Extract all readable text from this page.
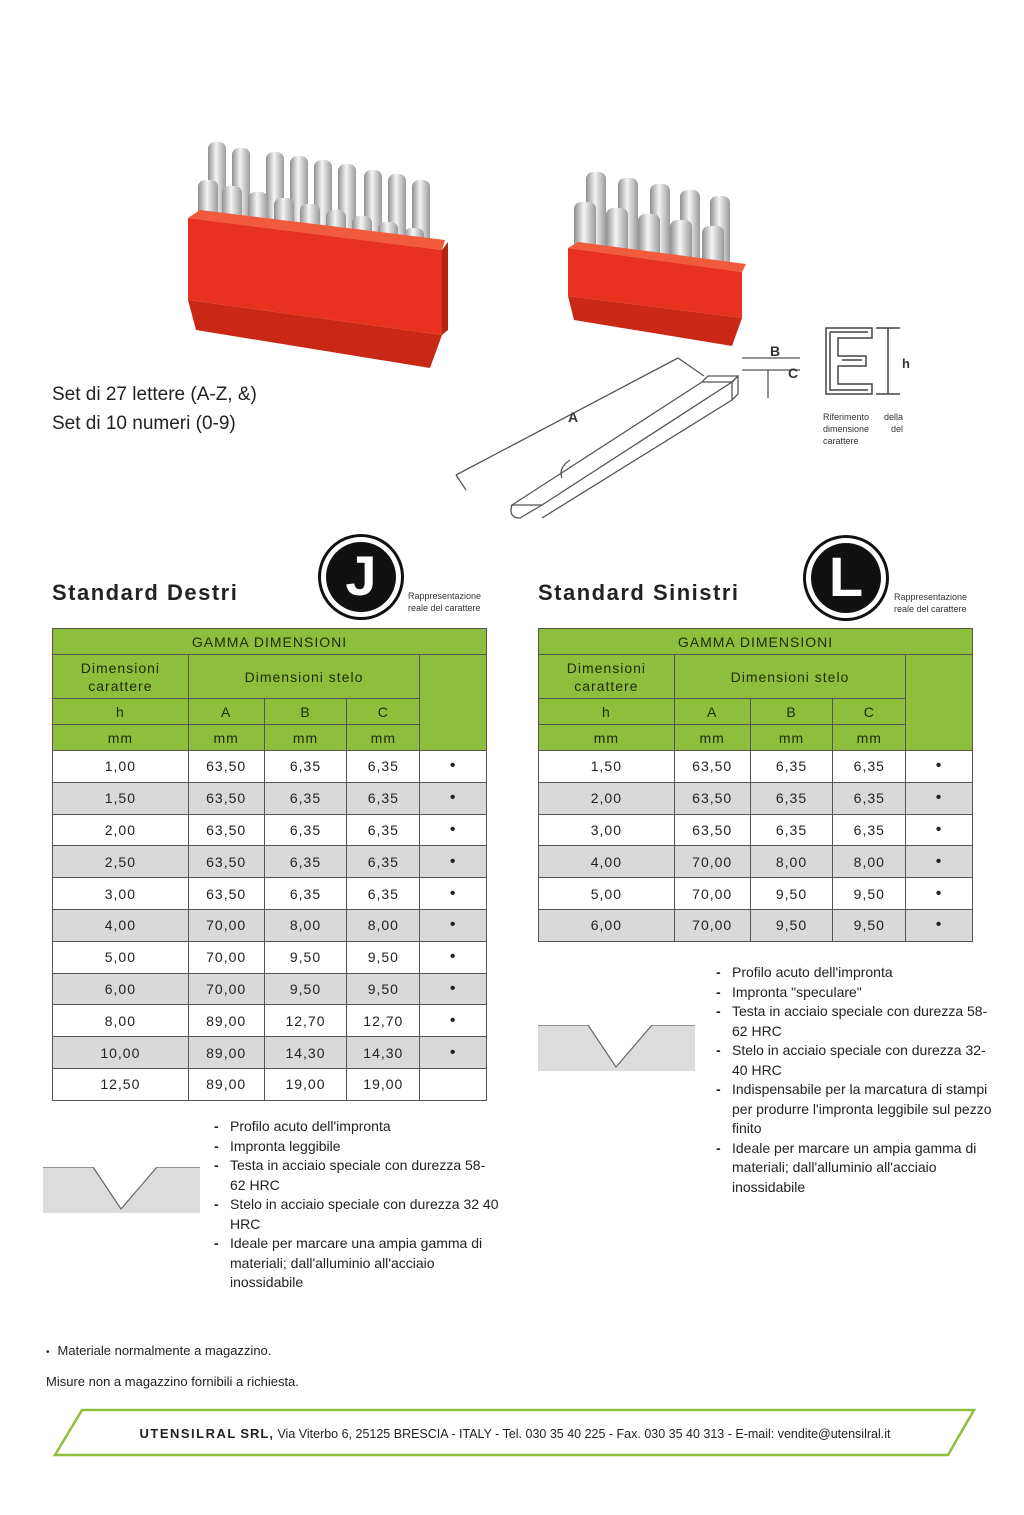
Set di 27 lettere (A-Z, &)
Set di 10 numeri (0-9)	A
B
C
h
Riferimento della dimensione del carattere
Standard Destri	J	Rappresentazione
reale del carattere
Standard Sinistri	L	Rappresentazione
reale del carattere
GAMMA DIMENSIONI				

Dimensioni
carattere	Dimensioni stelo			
h	A	B	C	
mm	mm	mm	mm	
1,00	63,50	6,35	6,35	•
1,50	63,50	6,35	6,35	•
2,00	63,50	6,35	6,35	•
2,50	63,50	6,35	6,35	•
3,00	63,50	6,35	6,35	•
4,00	70,00	8,00	8,00	•
5,00	70,00	9,50	9,50	•
6,00	70,00	9,50	9,50	•
8,00	89,00	12,70	12,70	•
10,00	89,00	14,30	14,30	•
12,50	89,00	19,00	19,00	
GAMMA DIMENSIONI				

Dimensioni
carattere	Dimensioni stelo			
h	A	B	C	
mm	mm	mm	mm	
1,50	63,50	6,35	6,35	•
2,00	63,50	6,35	6,35	•
3,00	63,50	6,35	6,35	•
4,00	70,00	8,00	8,00	•
5,00	70,00	9,50	9,50	•
6,00	70,00	9,50	9,50	•
- Profilo acuto dell'impronta
- Impronta leggibile
- Testa in acciaio speciale con durezza 58-62 HRC
- Stelo in acciaio speciale con durezza 32 40 HRC
- Ideale per marcare una ampia gamma di materiali; dall'alluminio all'acciaio inossidabile
- Profilo acuto dell'impronta
- Impronta "speculare"
- Testa in acciaio speciale con durezza 58-62 HRC
- Stelo in acciaio speciale con durezza 32-40 HRC
- Indispensabile per la marcatura di stampi per produrre l'impronta leggibile sul pezzo finito
- Ideale per marcare un ampia gamma di materiali; dall'alluminio all'acciaio inossidabile
• Materiale normalmente a magazzino.
Misure non a magazzino fornibili a richiesta.
UTENSILRAL SRL, Via Viterbo 6, 25125 BRESCIA - ITALY - Tel. 030 35 40 225 - Fax. 030 35 40 313 - E-mail: vendite@utensilral.it
